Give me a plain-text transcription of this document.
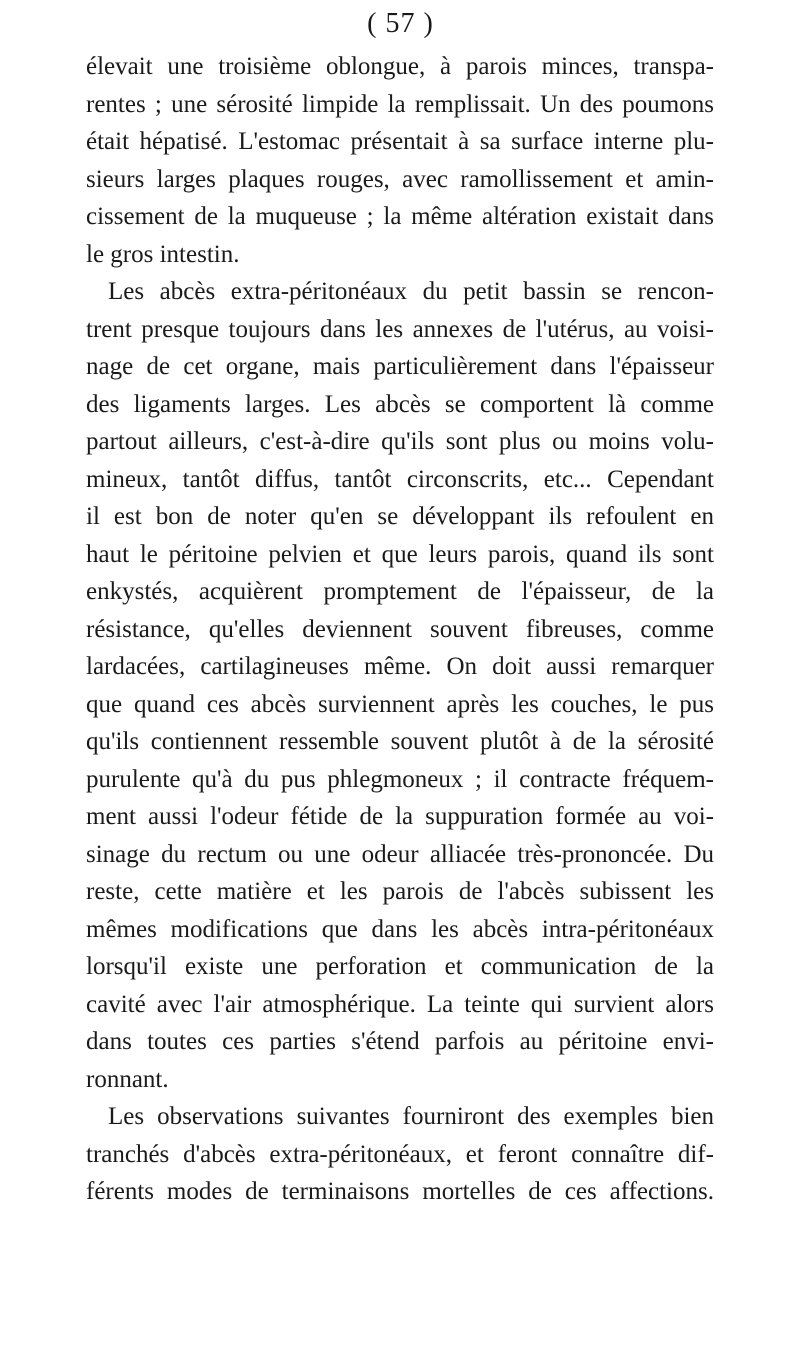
( 57 )
élevait une troisième oblongue, à parois minces, transpa-
rentes ; une sérosité limpide la remplissait. Un des poumons
était hépatisé. L'estomac présentait à sa surface interne plu-
sieurs larges plaques rouges, avec ramollissement et amin-
cissement de la muqueuse ; la même altération existait dans
le gros intestin.
Les abcès extra-péritonéaux du petit bassin se rencon-
trent presque toujours dans les annexes de l'utérus, au voisi-
nage de cet organe, mais particulièrement dans l'épaisseur
des ligaments larges. Les abcès se comportent là comme
partout ailleurs, c'est-à-dire qu'ils sont plus ou moins volu-
mineux, tantôt diffus, tantôt circonscrits, etc... Cependant
il est bon de noter qu'en se développant ils refoulent en
haut le péritoine pelvien et que leurs parois, quand ils sont
enkystés, acquièrent promptement de l'épaisseur, de la
résistance, qu'elles deviennent souvent fibreuses, comme
lardacées, cartilagineuses même. On doit aussi remarquer
que quand ces abcès surviennent après les couches, le pus
qu'ils contiennent ressemble souvent plutôt à de la sérosité
purulente qu'à du pus phlegmoneux ; il contracte fréquem-
ment aussi l'odeur fétide de la suppuration formée au voi-
sinage du rectum ou une odeur alliacée très-prononcée. Du
reste, cette matière et les parois de l'abcès subissent les
mêmes modifications que dans les abcès intra-péritonéaux
lorsqu'il existe une perforation et communication de la
cavité avec l'air atmosphérique. La teinte qui survient alors
dans toutes ces parties s'étend parfois au péritoine envi-
ronnant.
Les observations suivantes fourniront des exemples bien
tranchés d'abcès extra-péritonéaux, et feront connaître dif-
férents modes de terminaisons mortelles de ces affections.
